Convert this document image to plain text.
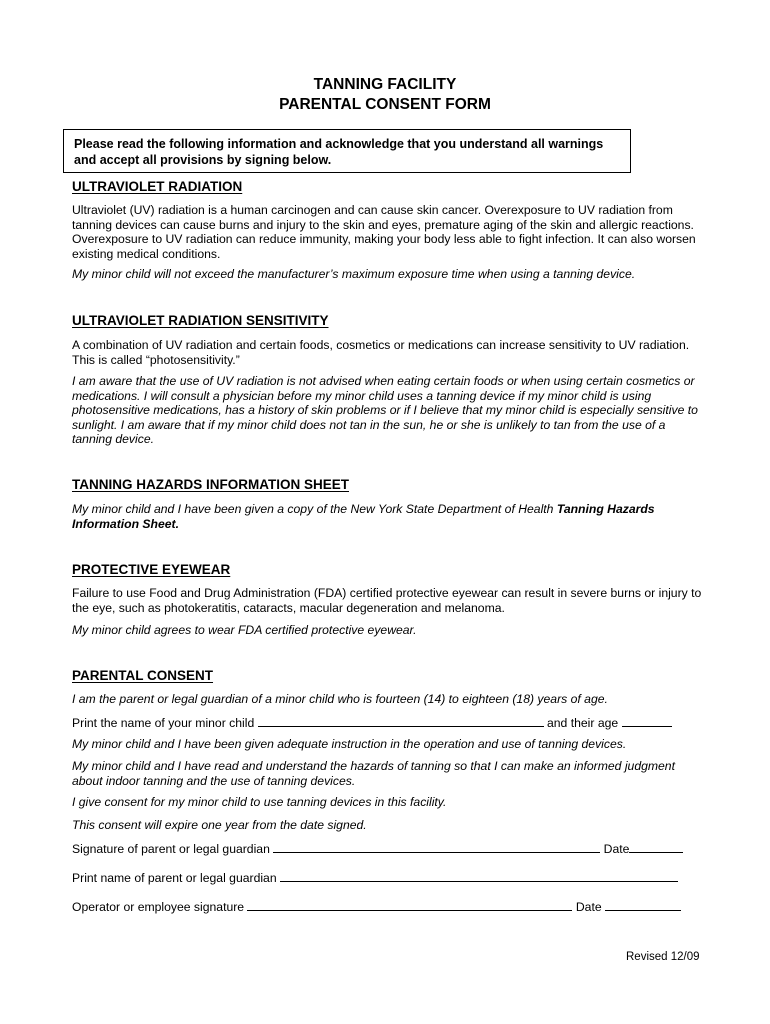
TANNING FACILITY
PARENTAL CONSENT FORM
Please read the following information and acknowledge that you understand all warnings and accept all provisions by signing below.
ULTRAVIOLET RADIATION
Ultraviolet (UV) radiation is a human carcinogen and can cause skin cancer. Overexposure to UV radiation from tanning devices can cause burns and injury to the skin and eyes, premature aging of the skin and allergic reactions. Overexposure to UV radiation can reduce immunity, making your body less able to fight infection. It can also worsen existing medical conditions.
My minor child will not exceed the manufacturer’s maximum exposure time when using a tanning device.
ULTRAVIOLET RADIATION SENSITIVITY
A combination of UV radiation and certain foods, cosmetics or medications can increase sensitivity to UV radiation. This is called “photosensitivity.”
I am aware that the use of UV radiation is not advised when eating certain foods or when using certain cosmetics or medications. I will consult a physician before my minor child uses a tanning device if my minor child is using photosensitive medications, has a history of skin problems or if I believe that my minor child is especially sensitive to sunlight. I am aware that if my minor child does not tan in the sun, he or she is unlikely to tan from the use of a tanning device.
TANNING HAZARDS INFORMATION SHEET
My minor child and I have been given a copy of the New York State Department of Health Tanning Hazards Information Sheet.
PROTECTIVE EYEWEAR
Failure to use Food and Drug Administration (FDA) certified protective eyewear can result in severe burns or injury to the eye, such as photokeratitis, cataracts, macular degeneration and melanoma.
My minor child agrees to wear FDA certified protective eyewear.
PARENTAL CONSENT
I am the parent or legal guardian of a minor child who is fourteen (14) to eighteen (18) years of age.
Print the name of your minor child	and their age
My minor child and I have been given adequate instruction in the operation and use of tanning devices.
My minor child and I have read and understand the hazards of tanning so that I can make an informed judgment about indoor tanning and the use of tanning devices.
I give consent for my minor child to use tanning devices in this facility.
This consent will expire one year from the date signed.
Signature of parent or legal guardian	Date
Print name of parent or legal guardian
Operator or employee signature	Date
Revised 12/09
